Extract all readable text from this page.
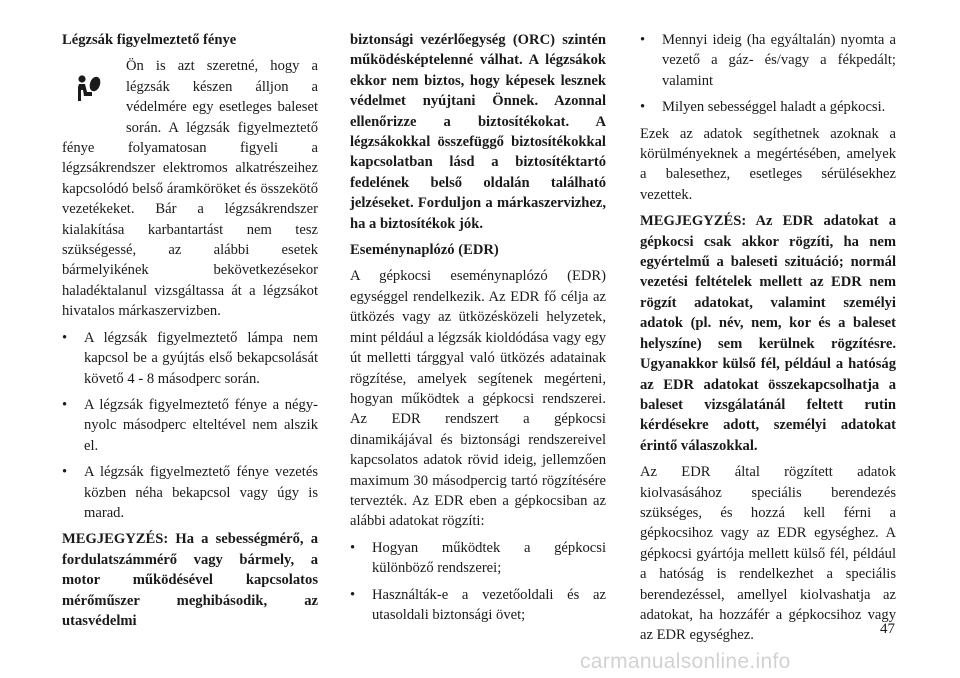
Légzsák figyelmeztető fénye

Ön is azt szeretné, hogy a légzsák készen álljon a védelmére egy esetleges baleset során. A légzsák figyelmeztető fénye folyamatosan figyeli a légzsákrendszer elektromos alkatrészeihez kapcsolódó belső áramköröket és összekötő vezetékeket. Bár a légzsákrendszer kialakítása karbantartást nem tesz szükségessé, az alábbi esetek bármelyikének bekövetkezésekor haladéktalanul vizsgáltassa át a légzsákot hivatalos márkaszervizben.

•	A légzsák figyelmeztető lámpa nem kapcsol be a gyújtás első bekapcsolását követő 4 - 8 másodperc során.
•	A légzsák figyelmeztető fénye a négy-nyolc másodperc elteltével nem alszik el.
•	A légzsák figyelmeztető fénye vezetés közben néha bekapcsol vagy úgy is marad.

MEGJEGYZÉS: Ha a sebességmérő, a fordulatszámmérő vagy bármely, a motor működésével kapcsolatos mérőműszer meghibásodik, az utasvédelmi

biztonsági vezérlőegység (ORC) szintén működésképtelenné válhat. A légzsákok ekkor nem biztos, hogy képesek lesznek védelmet nyújtani Önnek. Azonnal ellenőrizze a biztosítékokat. A légzsákokkal összefüggő biztosítékokkal kapcsolatban lásd a biztosítéktartó fedelének belső oldalán található jelzéseket. Forduljon a márkaszervizhez, ha a biztosítékok jók.

Eseménynaplózó (EDR)

A gépkocsi eseménynaplózó (EDR) egységgel rendelkezik. Az EDR fő célja az ütközés vagy az ütközésközeli helyzetek, mint például a légzsák kioldódása vagy egy út melletti tárggyal való ütközés adatainak rögzítése, amelyek segítenek megérteni, hogyan működtek a gépkocsi rendszerei. Az EDR rendszert a gépkocsi dinamikájával és biztonsági rendszereivel kapcsolatos adatok rövid ideig, jellemzően maximum 30 másodpercig tartó rögzítésére tervezték. Az EDR eben a gépkocsiban az alábbi adatokat rögzíti:

•	Hogyan működtek a gépkocsi különböző rendszerei;
•	Használták-e a vezetőoldali és az utasoldali biztonsági övet;
•	Mennyi ideig (ha egyáltalán) nyomta a vezető a gáz- és/vagy a fékpedált; valamint
•	Milyen sebességgel haladt a gépkocsi.

Ezek az adatok segíthetnek azoknak a körülményeknek a megértésében, amelyek a balesethez, esetleges sérülésekhez vezettek.

MEGJEGYZÉS: Az EDR adatokat a gépkocsi csak akkor rögzíti, ha nem egyértelmű a baleseti szituáció; normál vezetési feltételek mellett az EDR nem rögzít adatokat, valamint személyi adatok (pl. név, nem, kor és a baleset helyszíne) sem kerülnek rögzítésre. Ugyanakkor külső fél, például a hatóság az EDR adatokat összekapcsolhatja a baleset vizsgálatánál feltett rutin kérdésekre adott, személyi adatokat érintő válaszokkal.

Az EDR által rögzített adatok kiolvasásához speciális berendezés szükséges, és hozzá kell férni a gépkocsihoz vagy az EDR egységhez. A gépkocsi gyártója mellett külső fél, például a hatóság is rendelkezhet a speciális berendezéssel, amellyel kiolvashatja az adatokat, ha hozzáfér a gépkocsihoz vagy az EDR egységhez.	47
carmanualsonline.info
